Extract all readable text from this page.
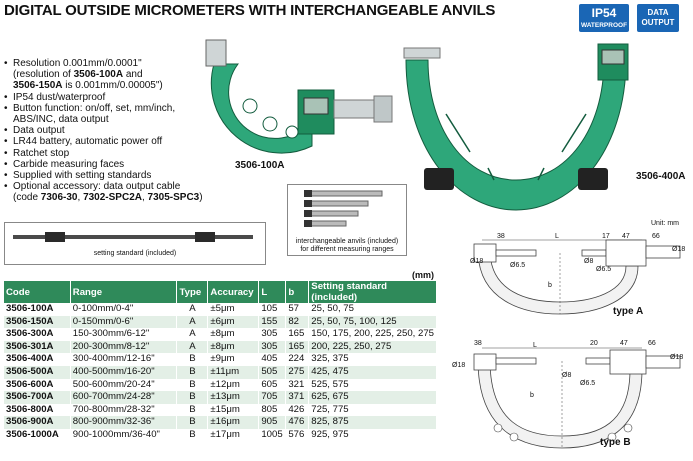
DIGITAL OUTSIDE MICROMETERS WITH INTERCHANGEABLE ANVILS	IP54
WATERPROOF
DATA
OUTPUT
• Resolution 0.001mm/0.0001"
(resolution of 3506-100A and
3506-150A is 0.001mm/0.00005")
• IP54 dust/waterproof
• Button function: on/off, set, mm/inch,
ABS/INC, data output
• Data output
• LR44 battery, automatic power off
• Ratchet stop
• Carbide measuring faces
• Supplied with setting standards
• Optional accessory: data output cable
(code 7306-30, 7302-SPC2A, 7305-SPC3)
3506-100A
3506-400A
setting standard (included)
interchangeable anvils (included)
for different measuring ranges
(mm)
Code	Range	Type	Accuracy	L	b	Setting standard (included)
3506-100A	0-100mm/0-4"	A	±5μm	105	57	25, 50, 75
3506-150A	0-150mm/0-6"	A	±6μm	155	82	25, 50, 75, 100, 125
3506-300A	150-300mm/6-12"	A	±8μm	305	165	150, 175, 200, 225, 250, 275
3506-301A	200-300mm/8-12"	A	±8μm	305	165	200, 225, 250, 275
3506-400A	300-400mm/12-16"	B	±9μm	405	224	325, 375
3506-500A	400-500mm/16-20"	B	±11μm	505	275	425, 475
3506-600A	500-600mm/20-24"	B	±12μm	605	321	525, 575
3506-700A	600-700mm/24-28"	B	±13μm	705	371	625, 675
3506-800A	700-800mm/28-32"	B	±15μm	805	426	725, 775
3506-900A	800-900mm/32-36"	B	±16μm	905	476	825, 875
3506-1000A	900-1000mm/36-40"	B	±17μm	1005	576	925, 975
Unit: mm
38	L	17 47	66
Ø18
Ø18
Ø6.5
Ø8
Ø6.5
b
type A
38	L	20	47	66
Ø18
Ø18
Ø8
Ø6.5
b
type B
